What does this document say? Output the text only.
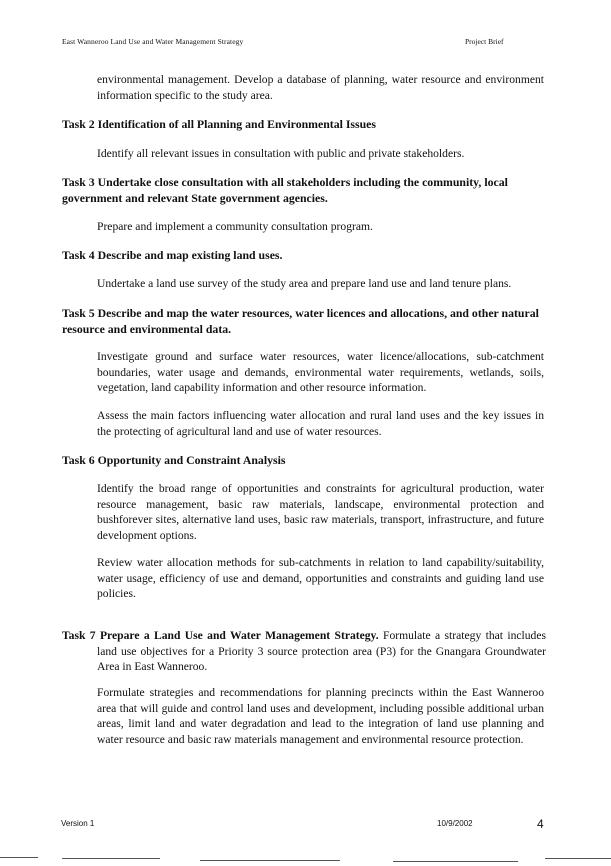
East Wanneroo Land Use and Water Management Strategy	Project Brief
environmental management. Develop a database of planning, water resource and environment information specific to the study area.
Task 2 Identification of all Planning and Environmental Issues
Identify all relevant issues in consultation with public and private stakeholders.
Task 3 Undertake close consultation with all stakeholders including the community, local government and relevant State government agencies.
Prepare and implement a community consultation program.
Task 4 Describe and map existing land uses.
Undertake a land use survey of the study area and prepare land use and land tenure plans.
Task 5 Describe and map the water resources, water licences and allocations, and other natural resource and environmental data.
Investigate ground and surface water resources, water licence/allocations, sub-catchment boundaries, water usage and demands, environmental water requirements, wetlands, soils, vegetation, land capability information and other resource information.
Assess the main factors influencing water allocation and rural land uses and the key issues in the protecting of agricultural land and use of water resources.
Task 6 Opportunity and Constraint Analysis
Identify the broad range of opportunities and constraints for agricultural production, water resource management, basic raw materials, landscape, environmental protection and bushforever sites, alternative land uses, basic raw materials, transport, infrastructure, and future development options.
Review water allocation methods for sub-catchments in relation to land capability/suitability, water usage, efficiency of use and demand, opportunities and constraints and guiding land use policies.
Task 7 Prepare a Land Use and Water Management Strategy. Formulate a strategy that includes land use objectives for a Priority 3 source protection area (P3) for the Gnangara Groundwater Area in East Wanneroo.
Formulate strategies and recommendations for planning precincts within the East Wanneroo area that will guide and control land uses and development, including possible additional urban areas, limit land and water degradation and lead to the integration of land use planning and water resource and basic raw materials management and environmental resource protection.
Version 1	10/9/2002	4
